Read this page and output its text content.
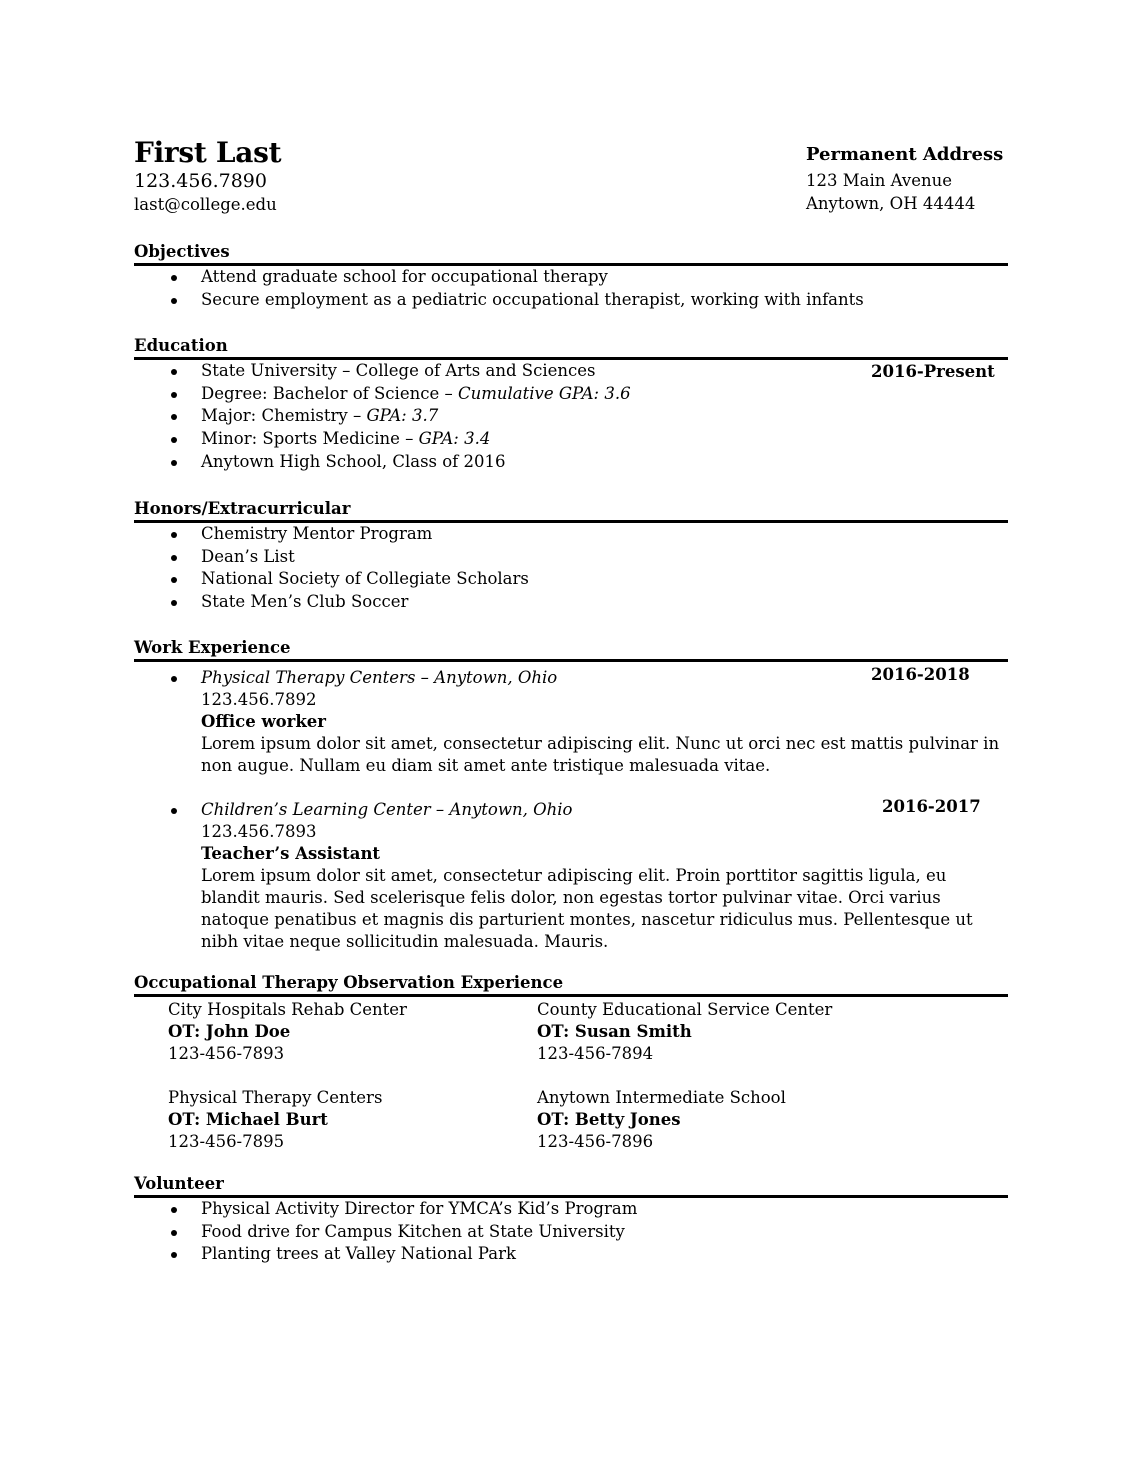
First Last
123.456.7890
last@college.edu
Permanent Address
123 Main Avenue
Anytown, OH 44444
Objectives
Attend graduate school for occupational therapy
Secure employment as a pediatric occupational therapist, working with infants
Education
2016-Present
State University – College of Arts and Sciences
Degree: Bachelor of Science – Cumulative GPA: 3.6
Major: Chemistry – GPA: 3.7
Minor: Sports Medicine – GPA: 3.4
Anytown High School, Class of 2016
Honors/Extracurricular
Chemistry Mentor Program
Dean’s List
National Society of Collegiate Scholars
State Men’s Club Soccer
Work Experience
2016-2018
Physical Therapy Centers – Anytown, Ohio
123.456.7892
Office worker
Lorem ipsum dolor sit amet, consectetur adipiscing elit. Nunc ut orci nec est mattis pulvinar in non augue. Nullam eu diam sit amet ante tristique malesuada vitae.
2016-2017
Children’s Learning Center – Anytown, Ohio
123.456.7893
Teacher’s Assistant
Lorem ipsum dolor sit amet, consectetur adipiscing elit. Proin porttitor sagittis ligula, eu blandit mauris. Sed scelerisque felis dolor, non egestas tortor pulvinar vitae. Orci varius natoque penatibus et magnis dis parturient montes, nascetur ridiculus mus. Pellentesque ut nibh vitae neque sollicitudin malesuada. Mauris.
Occupational Therapy Observation Experience
City Hospitals Rehab Center
OT: John Doe
123-456-7893
County Educational Service Center
OT: Susan Smith
123-456-7894
Physical Therapy Centers
OT: Michael Burt
123-456-7895
Anytown Intermediate School
OT: Betty Jones
123-456-7896
Volunteer
Physical Activity Director for YMCA’s Kid’s Program
Food drive for Campus Kitchen at State University
Planting trees at Valley National Park
